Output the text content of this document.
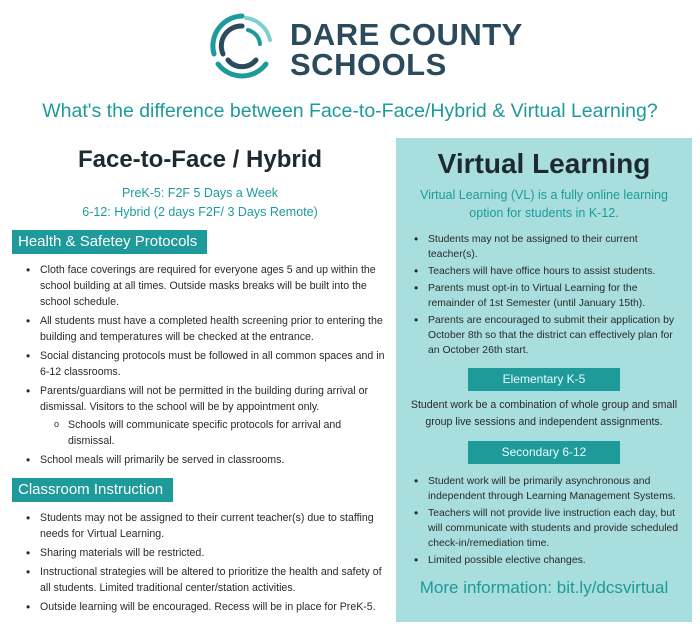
DARE COUNTY
SCHOOLS
What's the difference between Face-to-Face/Hybrid & Virtual Learning?
Face-to-Face / Hybrid
PreK-5: F2F 5 Days a Week
6-12: Hybrid (2 days F2F/ 3 Days Remote)
Health & Safetey Protocols
• Cloth face coverings are required for everyone ages 5 and up within the school building at all times. Outside masks breaks will be built into the school schedule.
• All students must have a completed health screening prior to entering the building and temperatures will be checked at the entrance.
• Social distancing protocols must be followed in all common spaces and in 6-12 classrooms.
• Parents/guardians will not be permitted in the building during arrival or dismissal. Visitors to the school will be by appointment only.
o Schools will communicate specific protocols for arrival and dismissal.
• School meals will primarily be served in classrooms.
Classroom Instruction
• Students may not be assigned to their current teacher(s) due to staffing needs for Virtual Learning.
• Sharing materials will be restricted.
• Instructional strategies will be altered to prioritize the health and safety of all students. Limited traditional center/station activities.
• Outside learning will be encouraged. Recess will be in place for PreK-5.
Virtual Learning
Virtual Learning (VL) is a fully online learning option for students in K-12.
• Students may not be assigned to their current teacher(s).
• Teachers will have office hours to assist students.
• Parents must opt-in to Virtual Learning for the remainder of 1st Semester (until January 15th).
• Parents are encouraged to submit their application by October 8th so that the district can effectively plan for an October 26th start.
Elementary K-5
Student work be a combination of whole group and small group live sessions and independent assignments.
Secondary 6-12
• Student work will be primarily asynchronous and independent through Learning Management Systems.
• Teachers will not provide live instruction each day, but will communicate with students and provide scheduled check-in/remediation time.
• Limited possible elective changes.
More information: bit.ly/dcsvirtual
